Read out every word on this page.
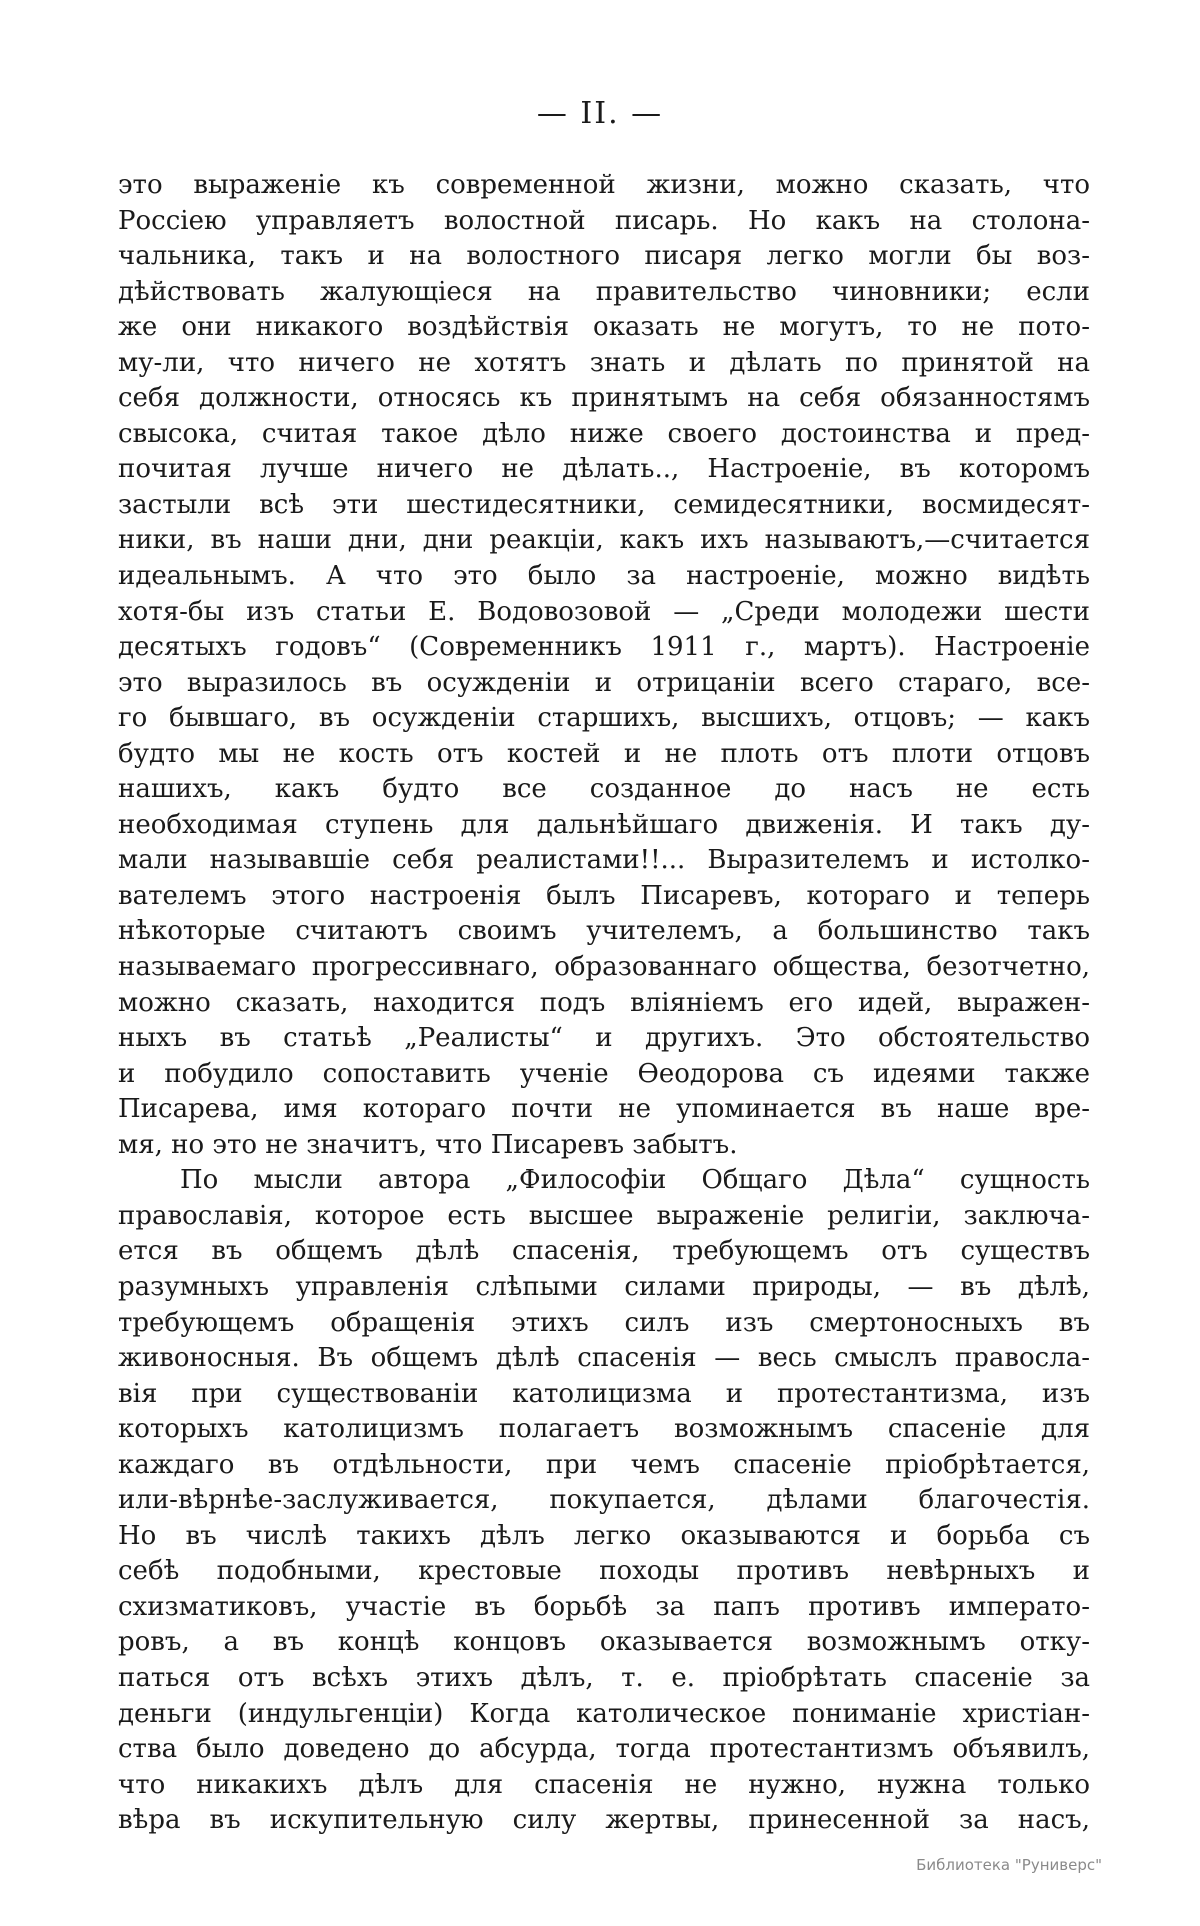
— II. —
это выраженіе къ современной жизни, можно сказать, что
Россіею управляетъ волостной писарь. Но какъ на столона-
чальника, такъ и на волостного писаря легко могли бы воз-
дѣйствовать жалующіеся на правительство чиновники; если
же они никакого воздѣйствія оказать не могутъ, то не пото-
му-ли, что ничего не хотятъ знать и дѣлать по принятой на
себя должности, относясь къ принятымъ на себя обязанностямъ
свысока, считая такое дѣло ниже своего достоинства и пред-
почитая лучше ничего не дѣлать.., Настроеніе, въ которомъ
застыли всѣ эти шестидесятники, семидесятники, восмидесят-
ники, въ наши дни, дни реакціи, какъ ихъ называютъ,—считается
идеальнымъ. А что это было за настроеніе, можно видѣть
хотя-бы изъ статьи Е. Водовозовой — „Среди молодежи шести
десятыхъ годовъ“ (Современникъ 1911 г., мартъ). Настроеніе
это выразилось въ осужденіи и отрицаніи всего стараго, все-
го бывшаго, въ осужденіи старшихъ, высшихъ, отцовъ; — какъ
будто мы не кость отъ костей и не плоть отъ плоти отцовъ
нашихъ, какъ будто все созданное до насъ не есть
необходимая ступень для дальнѣйшаго движенія. И такъ ду-
мали называвшіе себя реалистами!!... Выразителемъ и истолко-
вателемъ этого настроенія былъ Писаревъ, котораго и теперь
нѣкоторые считаютъ своимъ учителемъ, а большинство такъ
называемаго прогрессивнаго, образованнаго общества, безотчетно,
можно сказать, находится подъ вліяніемъ его идей, выражен-
ныхъ въ статьѣ „Реалисты“ и другихъ. Это обстоятельство
и побудило сопоставить ученіе Ѳеодорова съ идеями также
Писарева, имя котораго почти не упоминается въ наше вре-
мя, но это не значитъ, что Писаревъ забытъ.
По мысли автора „Философіи Общаго Дѣла“ сущность
православія, которое есть высшее выраженіе религіи, заключа-
ется въ общемъ дѣлѣ спасенія, требующемъ отъ существъ
разумныхъ управленія слѣпыми силами природы, — въ дѣлѣ,
требующемъ обращенія этихъ силъ изъ смертоносныхъ въ
живоносныя. Въ общемъ дѣлѣ спасенія — весь смыслъ правосла-
вія при существованіи католицизма и протестантизма, изъ
которыхъ католицизмъ полагаетъ возможнымъ спасеніе для
каждаго въ отдѣльности, при чемъ спасеніе пріобрѣтается,
или-вѣрнѣе-заслуживается, покупается, дѣлами благочестія.
Но въ числѣ такихъ дѣлъ легко оказываются и борьба съ
себѣ подобными, крестовые походы противъ невѣрныхъ и
схизматиковъ, участіе въ борьбѣ за папъ противъ императо-
ровъ, а въ концѣ концовъ оказывается возможнымъ отку-
паться отъ всѣхъ этихъ дѣлъ, т. е. пріобрѣтать спасеніе за
деньги (индульгенціи) Когда католическое пониманіе христіан-
ства было доведено до абсурда, тогда протестантизмъ объявилъ,
что никакихъ дѣлъ для спасенія не нужно, нужна только
вѣра въ искупительную силу жертвы, принесенной за насъ,
Библиотека "Руниверс"
